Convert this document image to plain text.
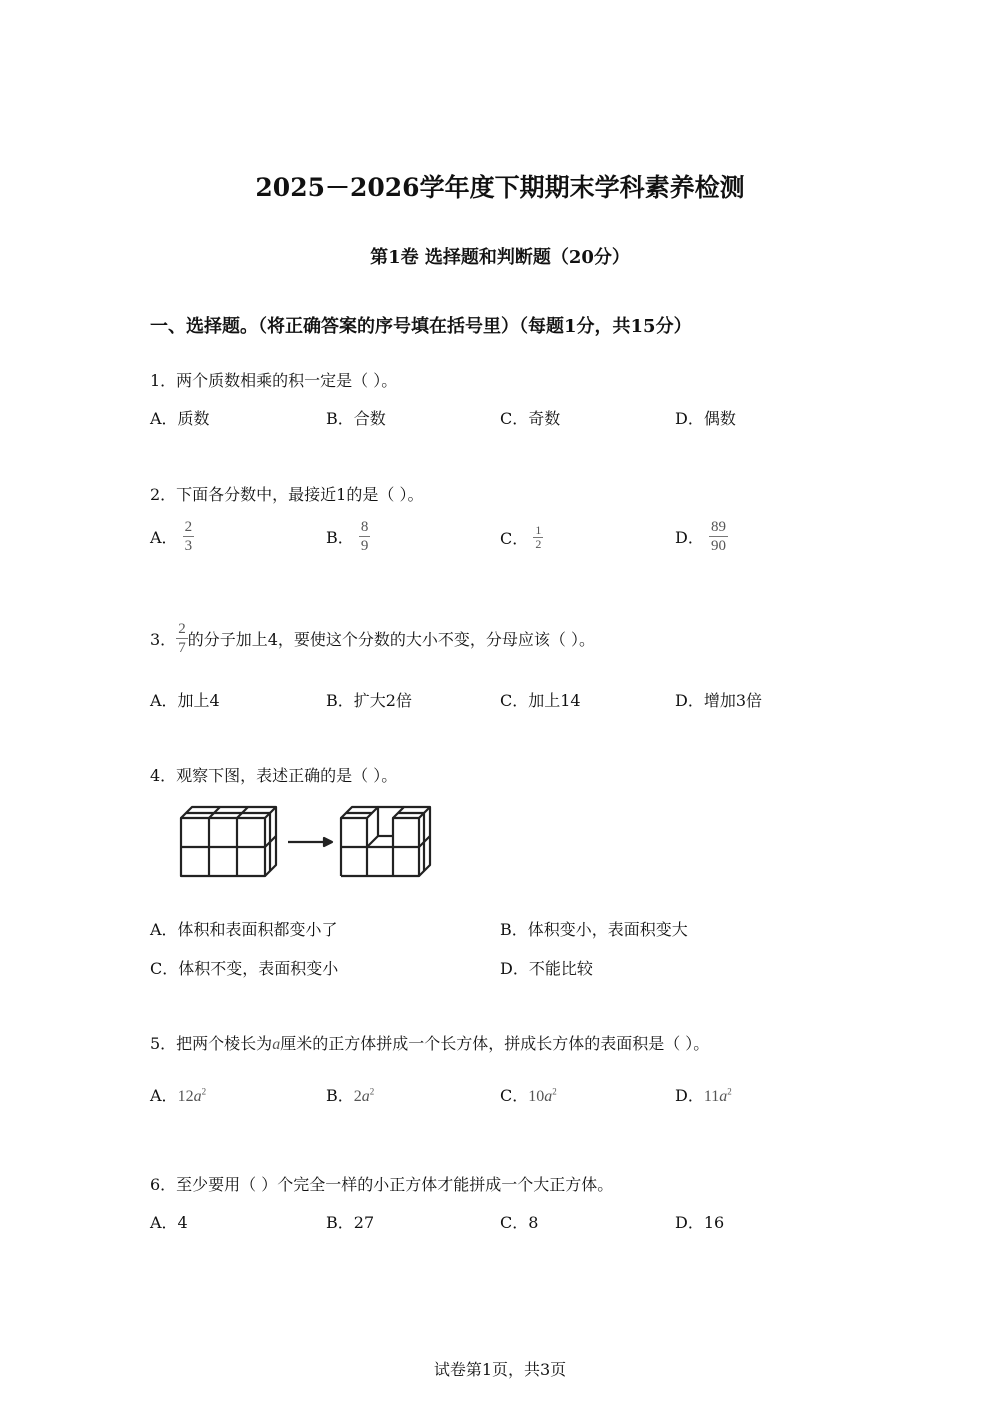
2025－2026学年度下期期末学科素养检测
第1卷 选择题和判断题（20分）
一、选择题。（将正确答案的序号填在括号里）（每题1分，共15分）
1．两个质数相乘的积一定是（ ）。
A．质数	B．合数	C．奇数	D．偶数
2．下面各分数中，最接近1的是（ ）。
A． $\frac{2}{3}$	B． $\frac{8}{9}$	C． $\frac{1}{2}$	D． $\frac{89}{90}$
3． $\frac{2}{7}$ 的分子加上4，要使这个分数的大小不变，分母应该（ ）。
A．加上4	B．扩大2倍	C．加上14	D．增加3倍
4．观察下图，表述正确的是（ ）。
A．体积和表面积都变小了	B．体积变小，表面积变大
C．体积不变，表面积变小	D．不能比较
5．把两个棱长为a厘米的正方体拼成一个长方体，拼成长方体的表面积是（ ）。
A．$12a^2$	B．$2a^2$	C．$10a^2$	D．$11a^2$
6．至少要用（ ）个完全一样的小正方体才能拼成一个大正方体。
A．4	B．27	C．8	D．16
试卷第1页，共3页
